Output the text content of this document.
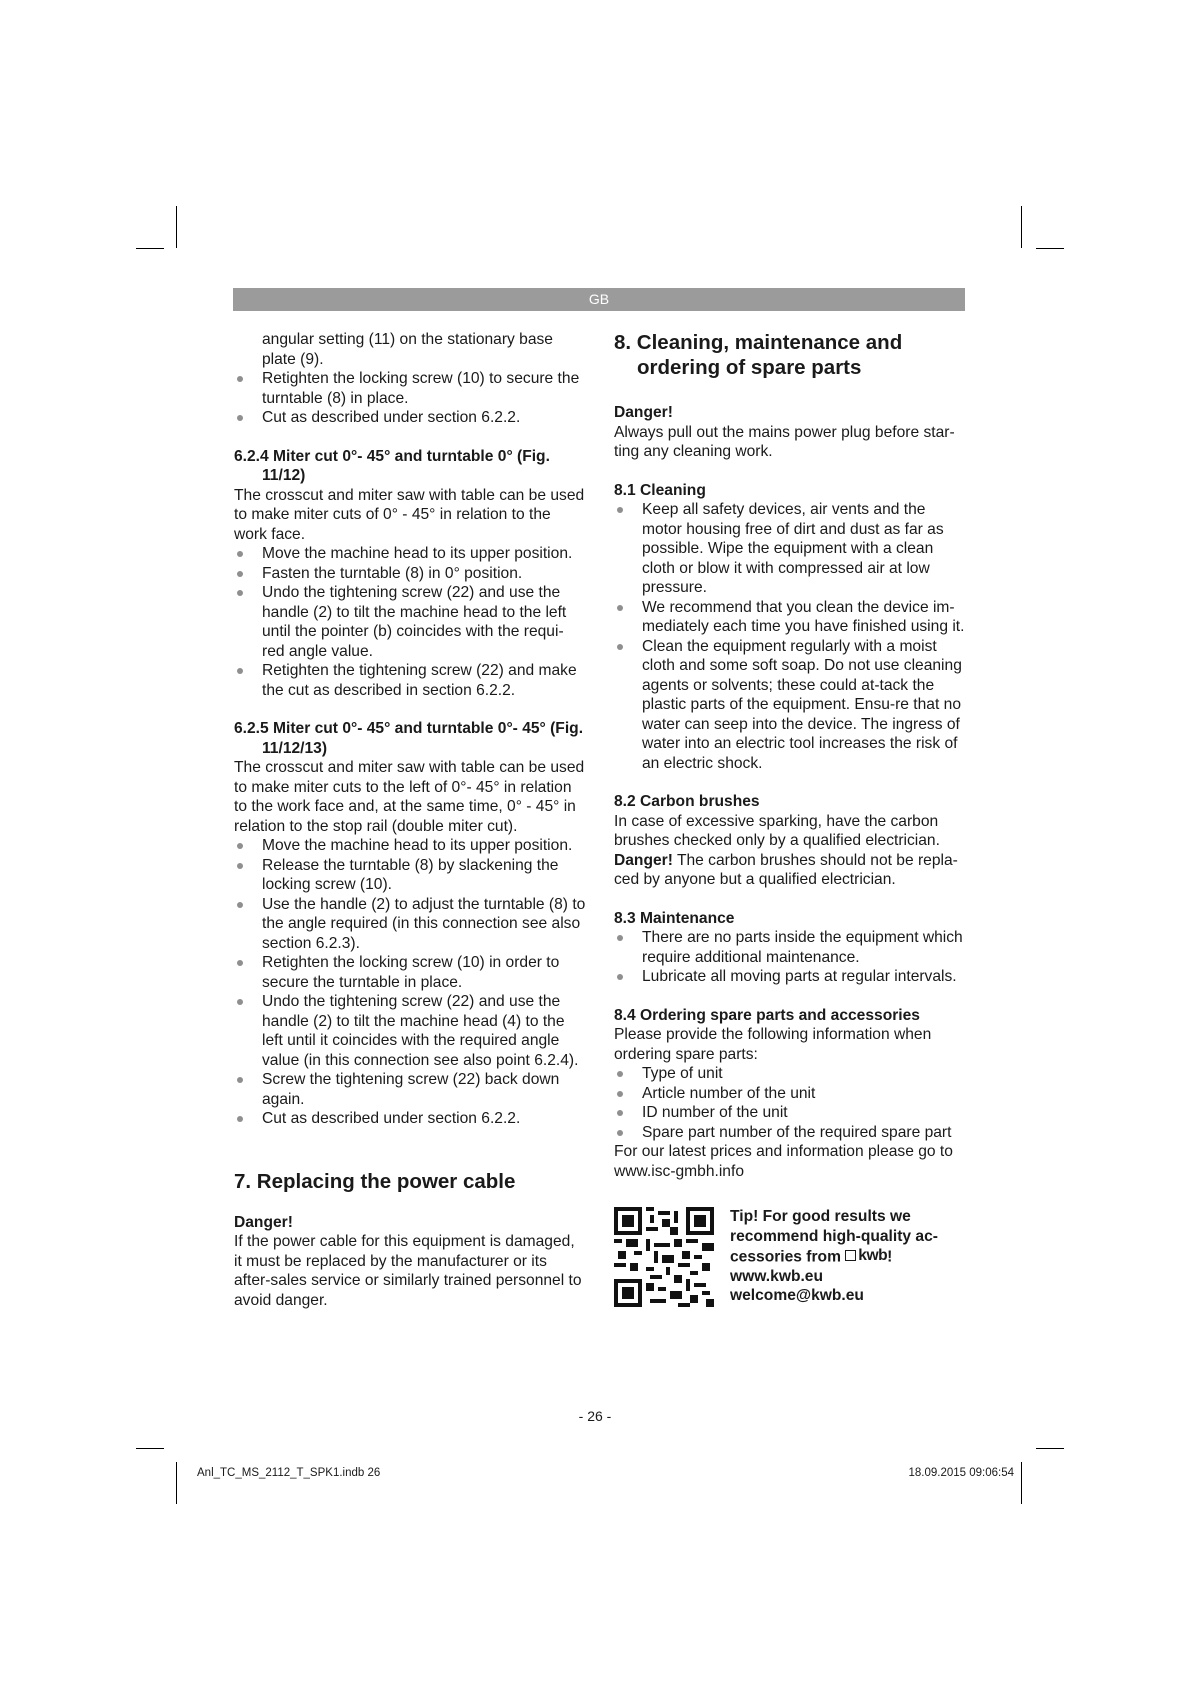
GB

angular setting (11) on the stationary base plate (9).

Retighten the locking screw (10) to secure the turntable (8) in place.
Cut as described under section 6.2.2.

6.2.4 Miter cut 0°- 45° and turntable 0° (Fig. 11/12)

The crosscut and miter saw with table can be used to make miter cuts of 0° - 45° in relation to the work face.

Move the machine head to its upper position.
Fasten the turntable (8) in 0° position.
Undo the tightening screw (22) and use the handle (2) to tilt the machine head to the left until the pointer (b) coincides with the requi-red angle value.
Retighten the tightening screw (22) and make the cut as described in section 6.2.2.

6.2.5 Miter cut 0°- 45° and turntable 0°- 45° (Fig. 11/12/13)

The crosscut and miter saw with table can be used to make miter cuts to the left of 0°- 45° in relation to the work face and, at the same time, 0° - 45° in relation to the stop rail (double miter cut).

Move the machine head to its upper position.
Release the turntable (8) by slackening the locking screw (10).
Use the handle (2) to adjust the turntable (8) to the angle required (in this connection see also section 6.2.3).
Retighten the locking screw (10) in order to secure the turntable in place.
Undo the tightening screw (22) and use the handle (2) to tilt the machine head (4) to the left until it coincides with the required angle value (in this connection see also point 6.2.4).
Screw the tightening screw (22) back down again.
Cut as described under section 6.2.2.

7. Replacing the power cable

Danger!

If the power cable for this equipment is damaged, it must be replaced by the manufacturer or its after-sales service or similarly trained personnel to avoid danger.

8. Cleaning, maintenance and ordering of spare parts

Danger!

Always pull out the mains power plug before star-ting any cleaning work.

8.1 Cleaning

Keep all safety devices, air vents and the motor housing free of dirt and dust as far as possible. Wipe the equipment with a clean cloth or blow it with compressed air at low pressure.
We recommend that you clean the device im-mediately each time you have finished using it.
Clean the equipment regularly with a moist cloth and some soft soap. Do not use cleaning agents or solvents; these could at-tack the plastic parts of the equipment. Ensu-re that no water can seep into the device. The ingress of water into an electric tool increases the risk of an electric shock.

8.2 Carbon brushes

In case of excessive sparking, have the carbon brushes checked only by a qualified electrician. Danger! The carbon brushes should not be repla-ced by anyone but a qualified electrician.

8.3 Maintenance

There are no parts inside the equipment which require additional maintenance.
Lubricate all moving parts at regular intervals.

8.4 Ordering spare parts and accessories

Please provide the following information when ordering spare parts:

Type of unit
Article number of the unit
ID number of the unit
Spare part number of the required spare part

For our latest prices and information please go to www.isc-gmbh.info

Tip! For good results we
recommend high-quality ac-
cessories from kwb !
www.kwb.eu
welcome@kwb.eu
- 26 -
Anl_TC_MS_2112_T_SPK1.indb 26	18.09.2015 09:06:54
